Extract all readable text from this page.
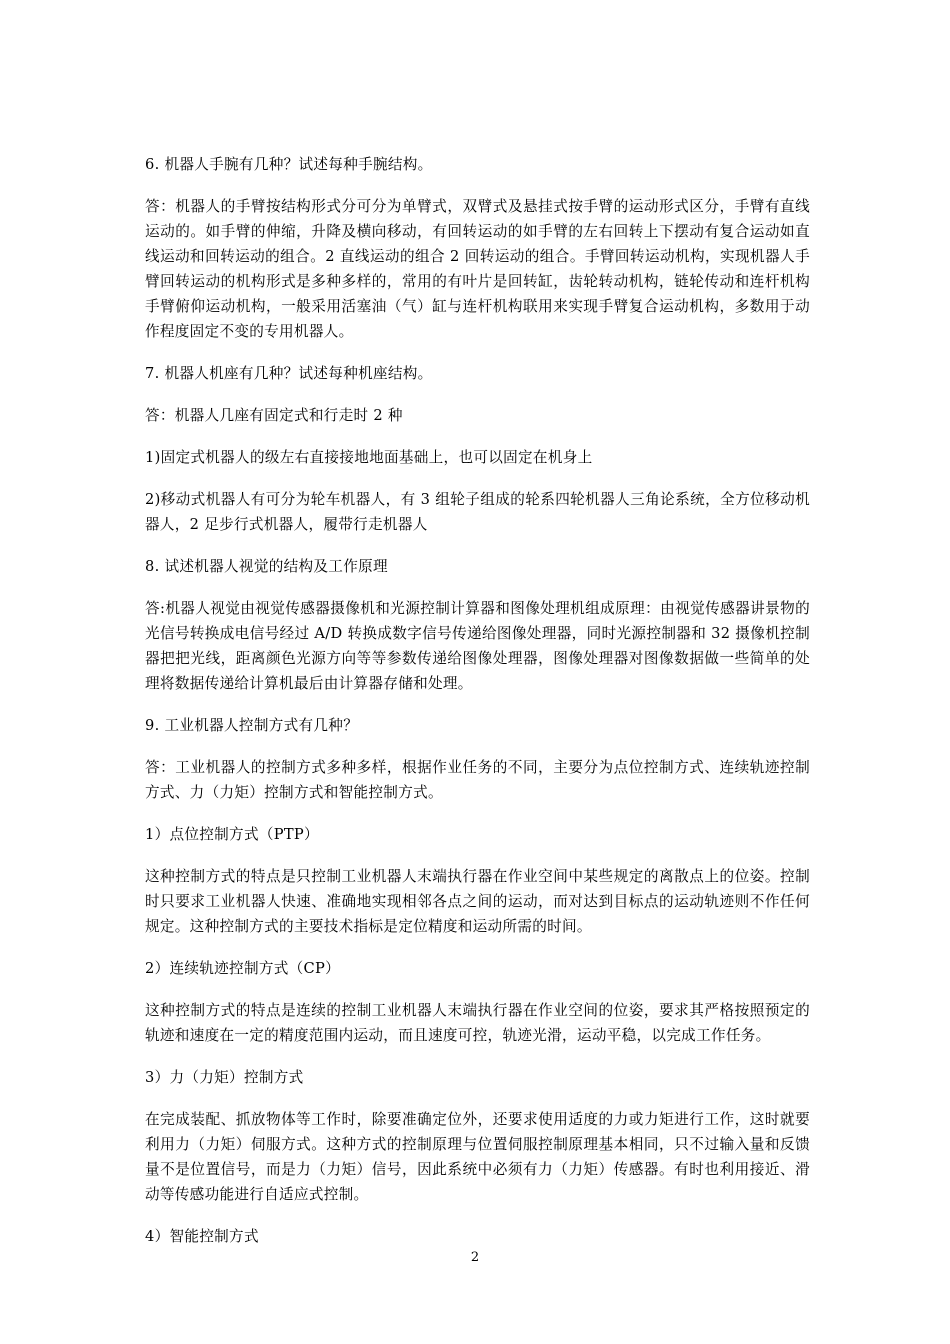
6. 机器人手腕有几种？试述每种手腕结构。

答：机器人的手臂按结构形式分可分为单臂式，双臂式及悬挂式按手臂的运动形式区分，手臂有直线运动的。如手臂的伸缩，升降及横向移动，有回转运动的如手臂的左右回转上下摆动有复合运动如直线运动和回转运动的组合。2 直线运动的组合 2 回转运动的组合。手臂回转运动机构，实现机器人手臂回转运动的机构形式是多种多样的，常用的有叶片是回转缸，齿轮转动机构，链轮传动和连杆机构手臂俯仰运动机构，一般采用活塞油（气）缸与连杆机构联用来实现手臂复合运动机构，多数用于动作程度固定不变的专用机器人。

7. 机器人机座有几种？试述每种机座结构。

答：机器人几座有固定式和行走时 2 种

1)固定式机器人的级左右直接接地地面基础上，也可以固定在机身上

2)移动式机器人有可分为轮车机器人，有 3 组轮子组成的轮系四轮机器人三角论系统，全方位移动机器人，2 足步行式机器人，履带行走机器人

8. 试述机器人视觉的结构及工作原理

答:机器人视觉由视觉传感器摄像机和光源控制计算器和图像处理机组成原理：由视觉传感器讲景物的光信号转换成电信号经过 A/D 转换成数字信号传递给图像处理器，同时光源控制器和 32 摄像机控制器把把光线，距离颜色光源方向等等参数传递给图像处理器，图像处理器对图像数据做一些简单的处理将数据传递给计算机最后由计算器存储和处理。

9. 工业机器人控制方式有几种？

答：工业机器人的控制方式多种多样，根据作业任务的不同，主要分为点位控制方式、连续轨迹控制方式、力（力矩）控制方式和智能控制方式。

1）点位控制方式（PTP）

这种控制方式的特点是只控制工业机器人末端执行器在作业空间中某些规定的离散点上的位姿。控制时只要求工业机器人快速、准确地实现相邻各点之间的运动，而对达到目标点的运动轨迹则不作任何规定。这种控制方式的主要技术指标是定位精度和运动所需的时间。

2）连续轨迹控制方式（CP）

这种控制方式的特点是连续的控制工业机器人末端执行器在作业空间的位姿，要求其严格按照预定的轨迹和速度在一定的精度范围内运动，而且速度可控，轨迹光滑，运动平稳，以完成工作任务。

3）力（力矩）控制方式

在完成装配、抓放物体等工作时，除要准确定位外，还要求使用适度的力或力矩进行工作，这时就要利用力（力矩）伺服方式。这种方式的控制原理与位置伺服控制原理基本相同，只不过输入量和反馈量不是位置信号，而是力（力矩）信号，因此系统中必须有力（力矩）传感器。有时也利用接近、滑动等传感功能进行自适应式控制。

4）智能控制方式

2
